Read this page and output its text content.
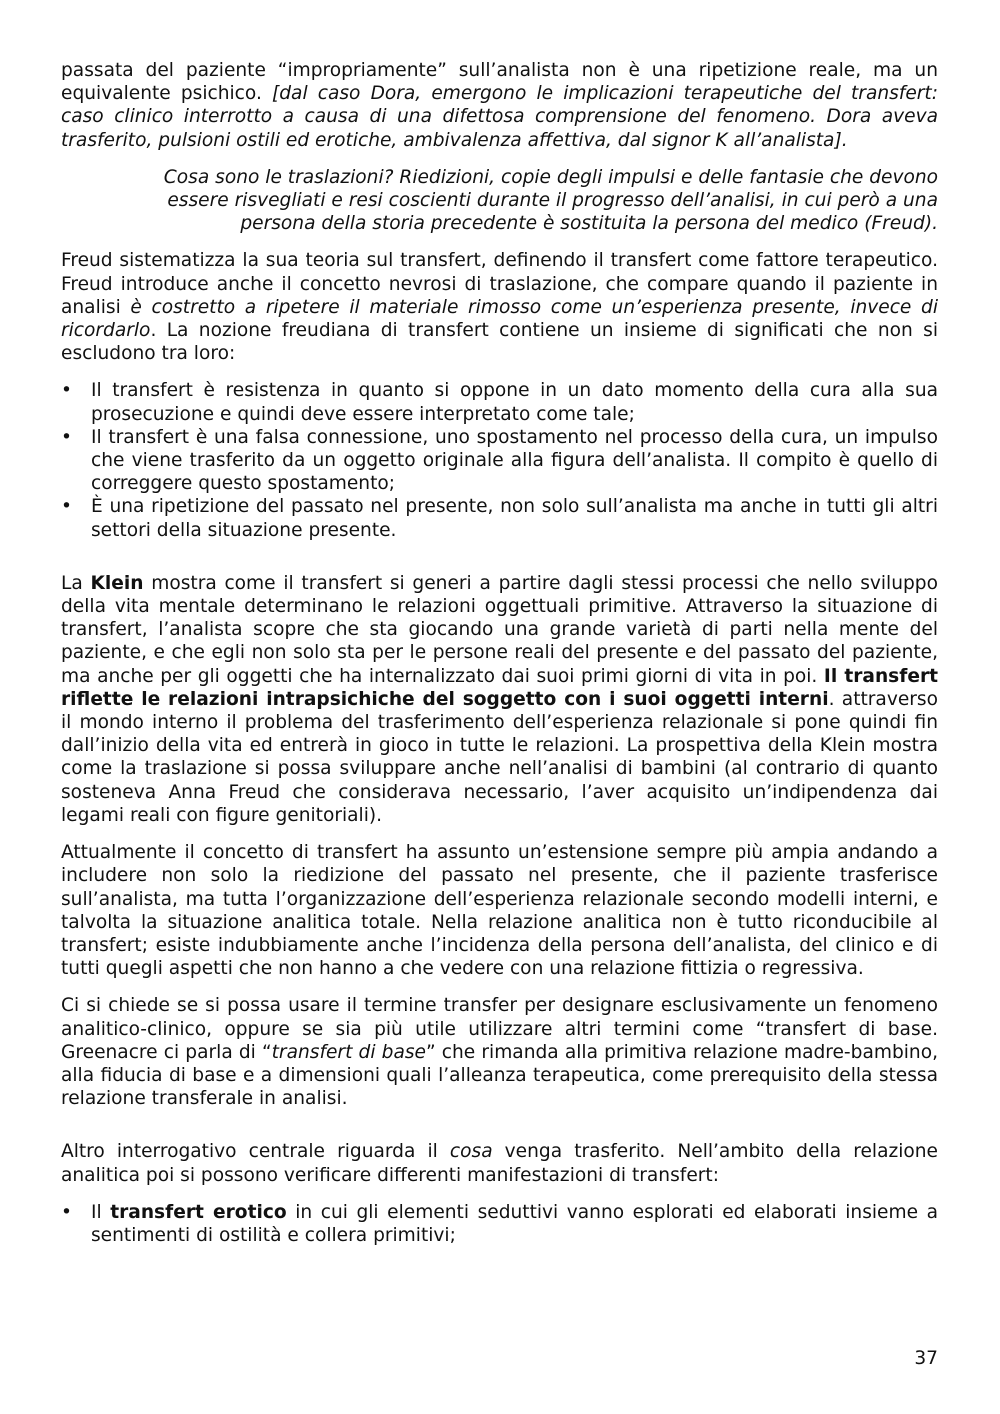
passata del paziente “impropriamente” sull’analista non è una ripetizione reale, ma un equivalente psichico. [dal caso Dora, emergono le implicazioni terapeutiche del transfert: caso clinico interrotto a causa di una difettosa comprensione del fenomeno. Dora aveva trasferito, pulsioni ostili ed erotiche, ambivalenza affettiva, dal signor K all’analista].

Cosa sono le traslazioni? Riedizioni, copie degli impulsi e delle fantasie che devono essere risvegliati e resi coscienti durante il progresso dell’analisi, in cui però a una persona della storia precedente è sostituita la persona del medico (Freud).

Freud sistematizza la sua teoria sul transfert, definendo il transfert come fattore terapeutico. Freud introduce anche il concetto nevrosi di traslazione, che compare quando il paziente in analisi è costretto a ripetere il materiale rimosso come un’esperienza presente, invece di ricordarlo. La nozione freudiana di transfert contiene un insieme di significati che non si escludono tra loro:

• Il transfert è resistenza in quanto si oppone in un dato momento della cura alla sua prosecuzione e quindi deve essere interpretato come tale;
• Il transfert è una falsa connessione, uno spostamento nel processo della cura, un impulso che viene trasferito da un oggetto originale alla figura dell’analista. Il compito è quello di correggere questo spostamento;
• È una ripetizione del passato nel presente, non solo sull’analista ma anche in tutti gli altri settori della situazione presente.

La Klein mostra come il transfert si generi a partire dagli stessi processi che nello sviluppo della vita mentale determinano le relazioni oggettuali primitive. Attraverso la situazione di transfert, l’analista scopre che sta giocando una grande varietà di parti nella mente del paziente, e che egli non solo sta per le persone reali del presente e del passato del paziente, ma anche per gli oggetti che ha internalizzato dai suoi primi giorni di vita in poi. Il transfert riflette le relazioni intrapsichiche del soggetto con i suoi oggetti interni. attraverso il mondo interno il problema del trasferimento dell’esperienza relazionale si pone quindi fin dall’inizio della vita ed entrerà in gioco in tutte le relazioni. La prospettiva della Klein mostra come la traslazione si possa sviluppare anche nell’analisi di bambini (al contrario di quanto sosteneva Anna Freud che considerava necessario, l’aver acquisito un’indipendenza dai legami reali con figure genitoriali).

Attualmente il concetto di transfert ha assunto un’estensione sempre più ampia andando a includere non solo la riedizione del passato nel presente, che il paziente trasferisce sull’analista, ma tutta l’organizzazione dell’esperienza relazionale secondo modelli interni, e talvolta la situazione analitica totale. Nella relazione analitica non è tutto riconducibile al transfert; esiste indubbiamente anche l’incidenza della persona dell’analista, del clinico e di tutti quegli aspetti che non hanno a che vedere con una relazione fittizia o regressiva.

Ci si chiede se si possa usare il termine transfer per designare esclusivamente un fenomeno analitico-clinico, oppure se sia più utile utilizzare altri termini come “transfert di base. Greenacre ci parla di “transfert di base” che rimanda alla primitiva relazione madre-bambino, alla fiducia di base e a dimensioni quali l’alleanza terapeutica, come prerequisito della stessa relazione transferale in analisi.

Altro interrogativo centrale riguarda il cosa venga trasferito. Nell’ambito della relazione analitica poi si possono verificare differenti manifestazioni di transfert:

• Il transfert erotico in cui gli elementi seduttivi vanno esplorati ed elaborati insieme a sentimenti di ostilità e collera primitivi;
37
